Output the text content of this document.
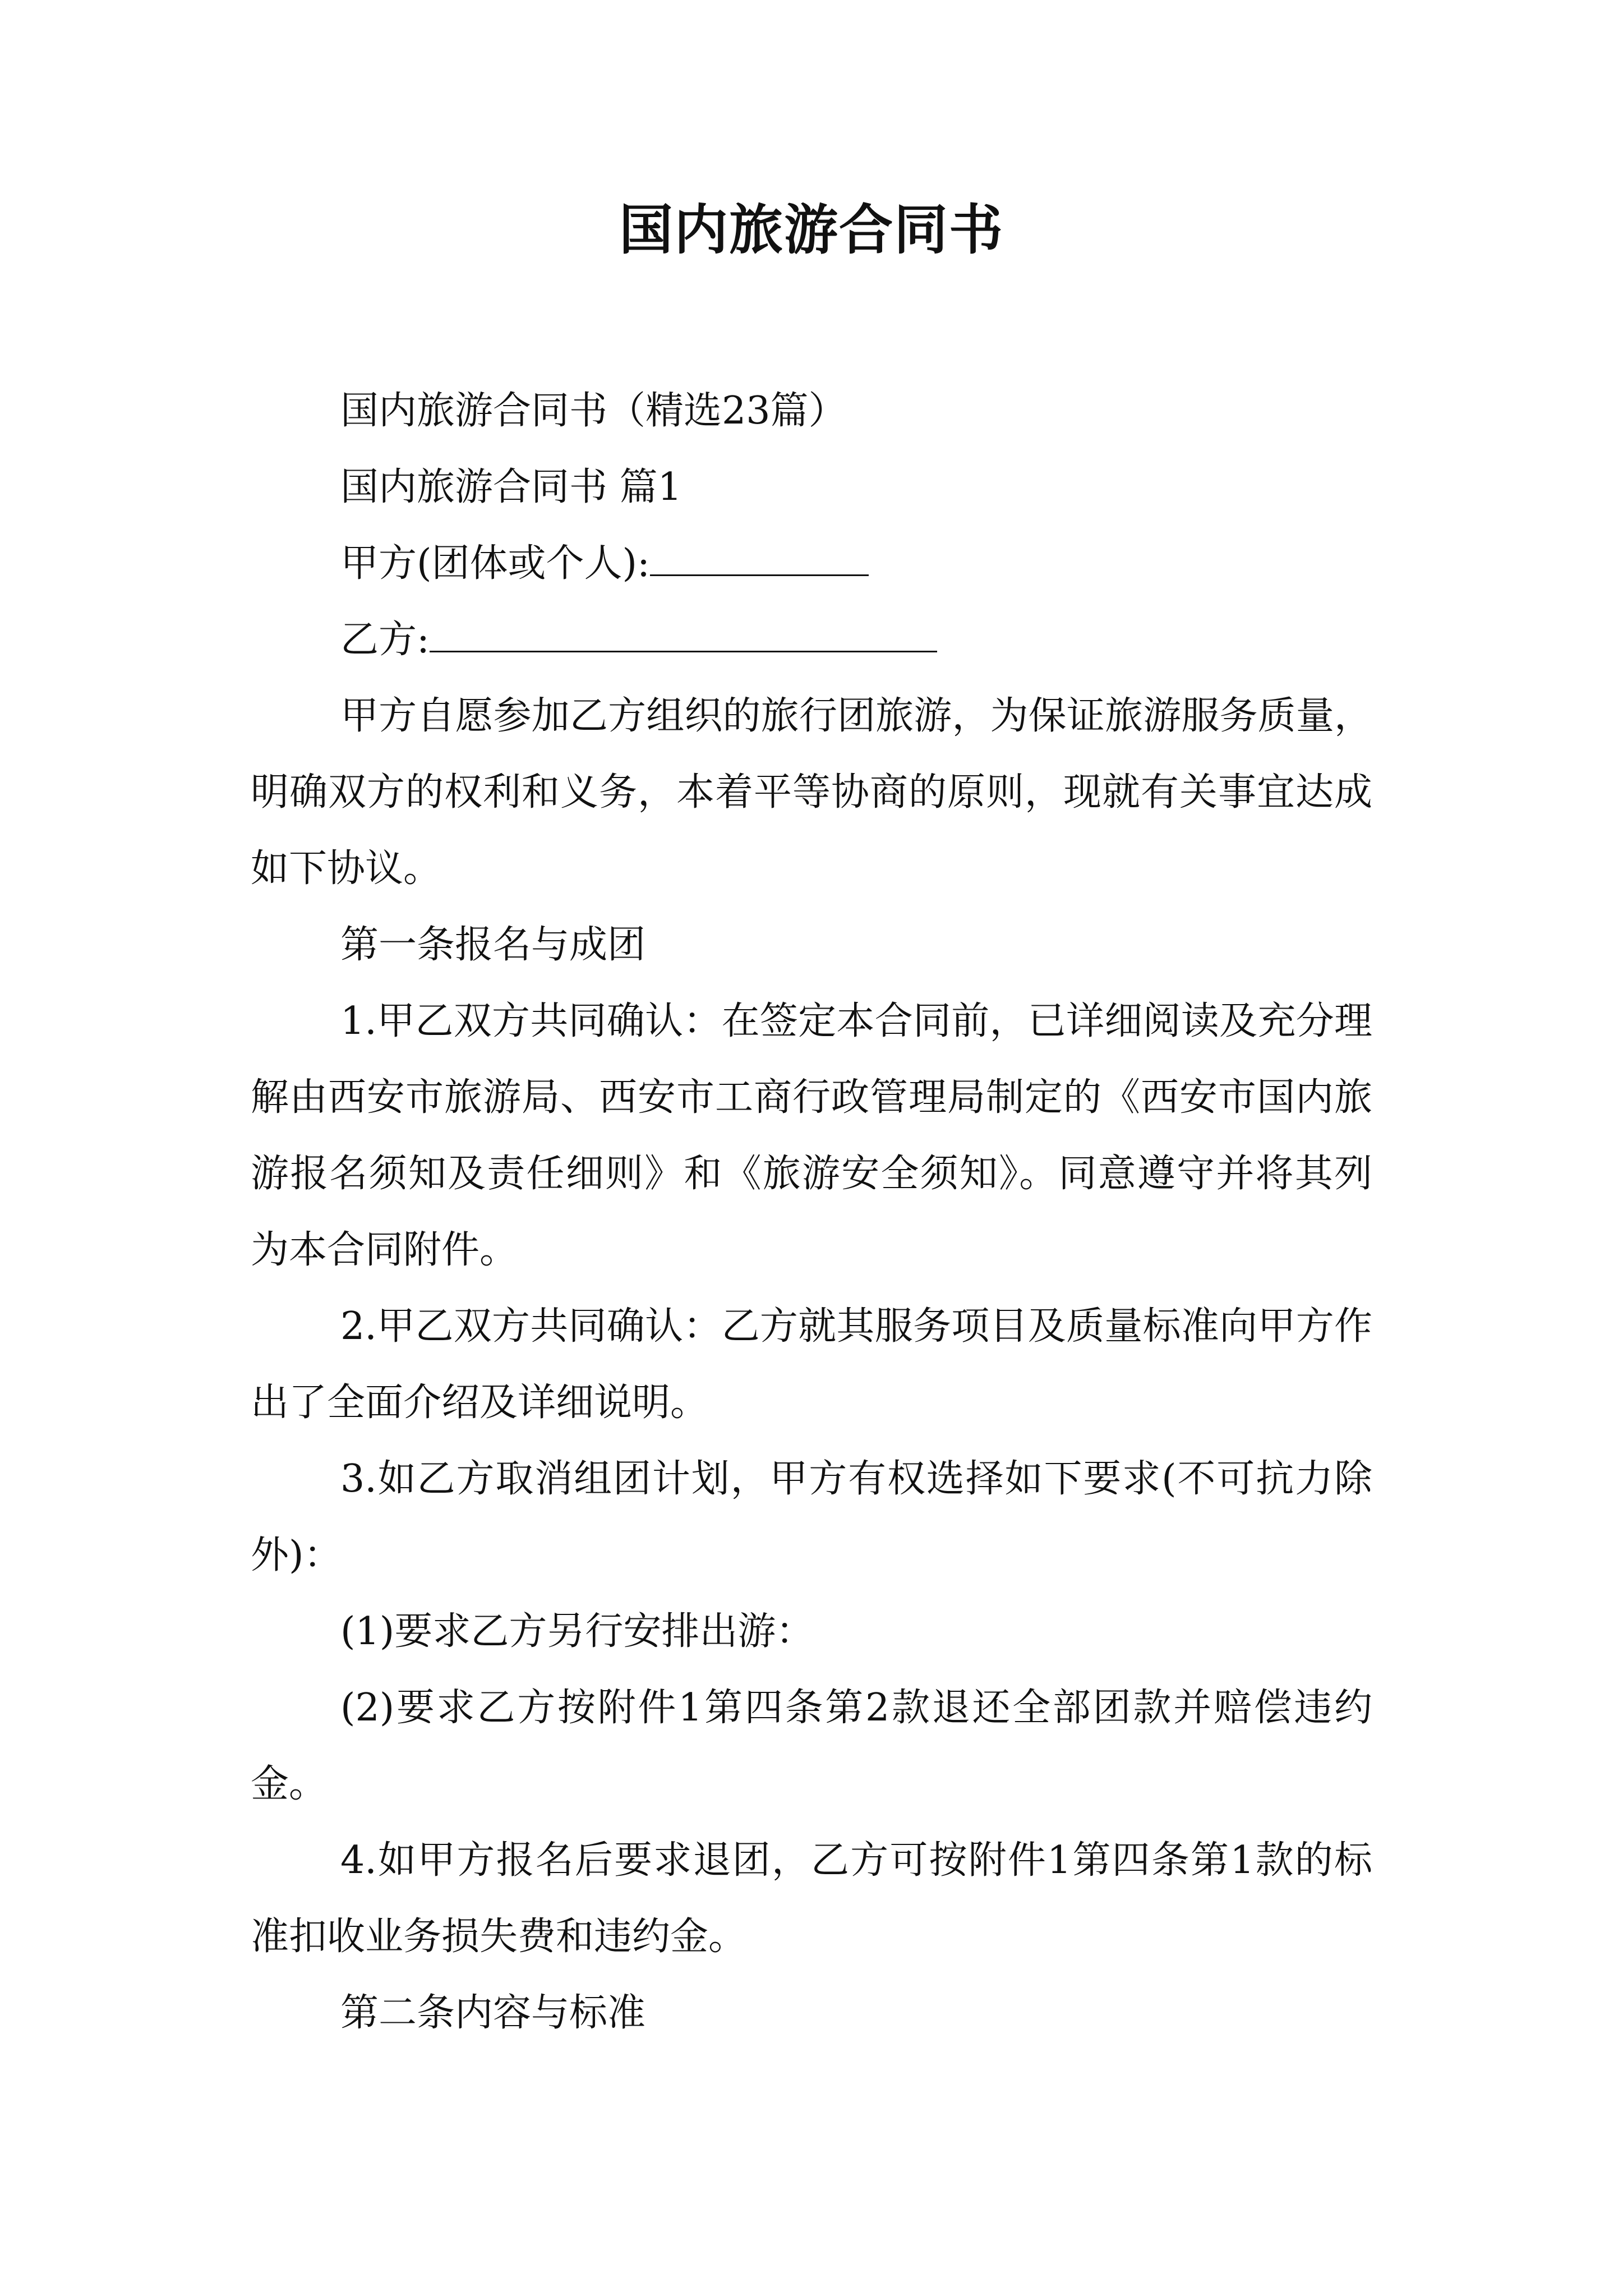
国内旅游合同书

国内旅游合同书（精选23篇）

国内旅游合同书 篇1

甲方(团体或个人):

乙方:

甲方自愿参加乙方组织的旅行团旅游，为保证旅游服务质量，明确双方的权利和义务，本着平等协商的原则，现就有关事宜达成如下协议。

第一条报名与成团

1.甲乙双方共同确认：在签定本合同前，已详细阅读及充分理解由西安市旅游局、西安市工商行政管理局制定的《西安市国内旅游报名须知及责任细则》和《旅游安全须知》。同意遵守并将其列为本合同附件。

2.甲乙双方共同确认：乙方就其服务项目及质量标准向甲方作出了全面介绍及详细说明。

3.如乙方取消组团计划，甲方有权选择如下要求(不可抗力除外)：

(1)要求乙方另行安排出游：

(2)要求乙方按附件1第四条第2款退还全部团款并赔偿违约金。

4.如甲方报名后要求退团，乙方可按附件1第四条第1款的标准扣收业务损失费和违约金。

第二条内容与标准
